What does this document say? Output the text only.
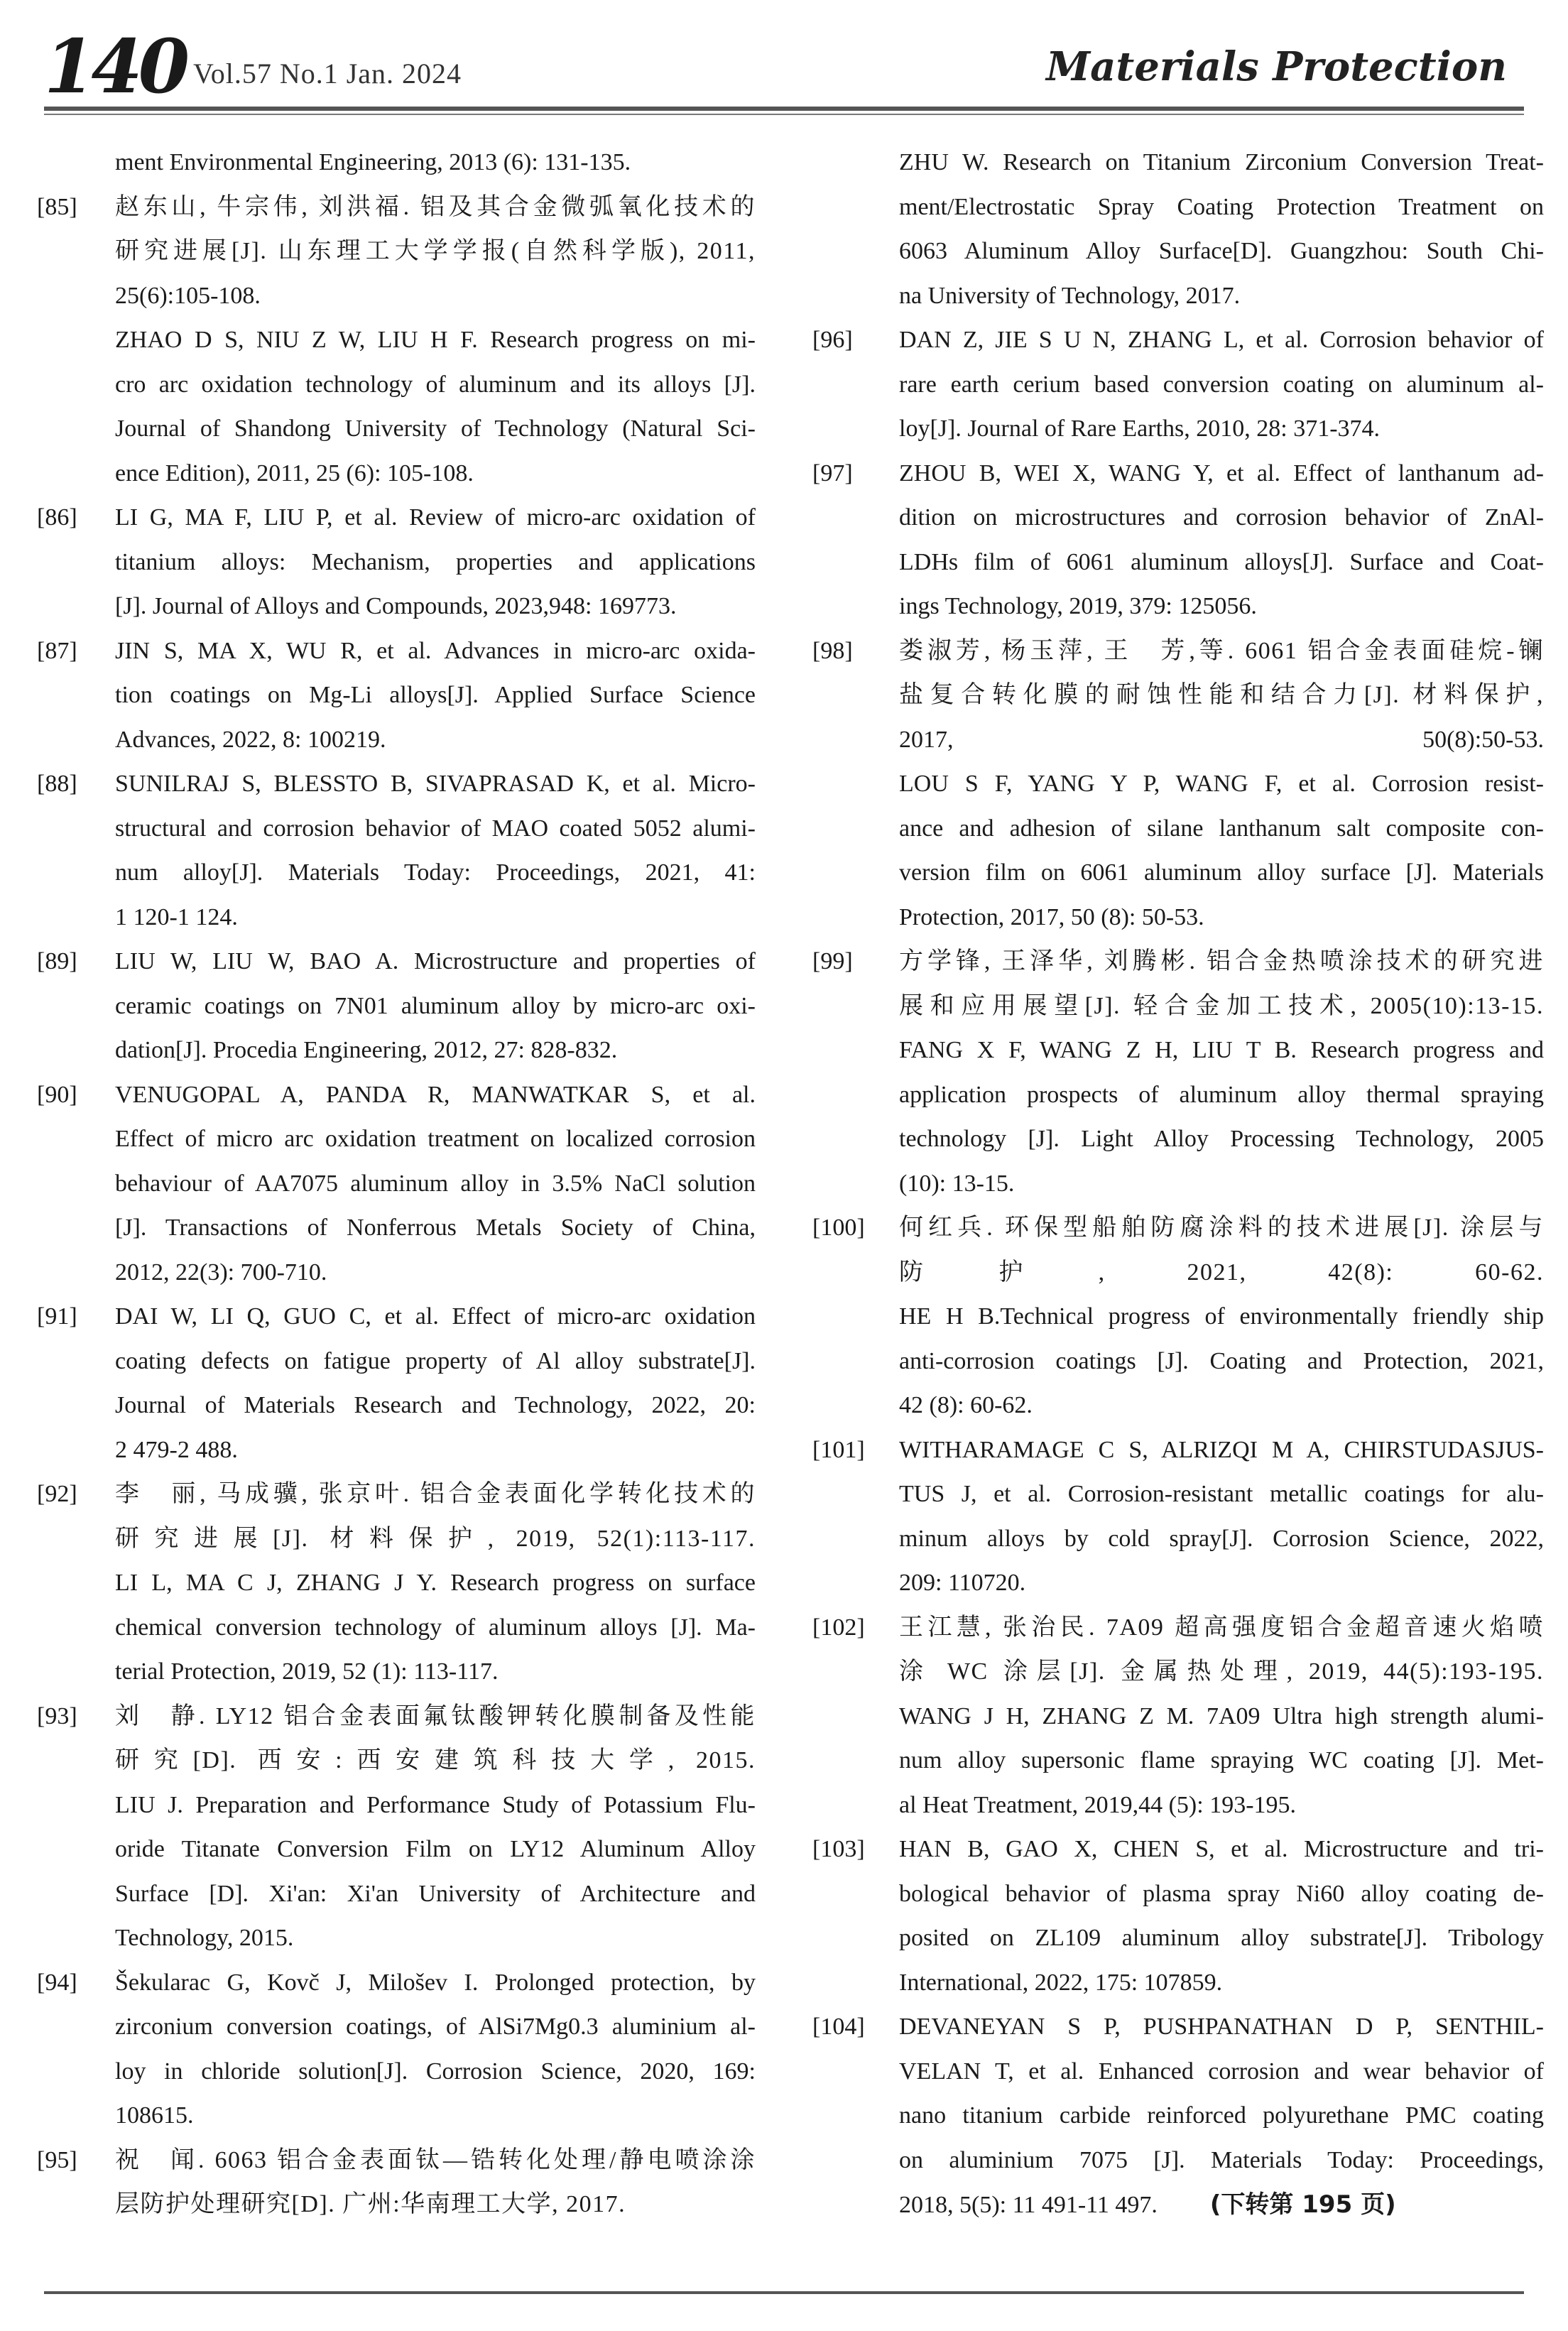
140 Vol.57 No.1 Jan. 2024	Materials Protection
ment Environmental Engineering, 2013 (6): 131-135.
[85] 赵东山, 牛宗伟, 刘洪福. 铝及其合金微弧氧化技术的
研究进展[J]. 山东理工大学学报(自然科学版), 2011,
25(6):105-108.
ZHAO D S, NIU Z W, LIU H F. Research progress on mi-
cro arc oxidation technology of aluminum and its alloys [J].
Journal of Shandong University of Technology (Natural Sci-
ence Edition), 2011, 25 (6): 105-108.
[86] LI G, MA F, LIU P, et al. Review of micro-arc oxidation of
titanium alloys: Mechanism, properties and applications
[J]. Journal of Alloys and Compounds, 2023,948: 169773.
[87] JIN S, MA X, WU R, et al. Advances in micro-arc oxida-
tion coatings on Mg-Li alloys[J]. Applied Surface Science
Advances, 2022, 8: 100219.
[88] SUNILRAJ S, BLESSTO B, SIVAPRASAD K, et al. Micro-
structural and corrosion behavior of MAO coated 5052 alumi-
num alloy[J]. Materials Today: Proceedings, 2021, 41:
1 120-1 124.
[89] LIU W, LIU W, BAO A. Microstructure and properties of
ceramic coatings on 7N01 aluminum alloy by micro-arc oxi-
dation[J]. Procedia Engineering, 2012, 27: 828-832.
[90] VENUGOPAL A, PANDA R, MANWATKAR S, et al.
Effect of micro arc oxidation treatment on localized corrosion
behaviour of AA7075 aluminum alloy in 3.5% NaCl solution
[J]. Transactions of Nonferrous Metals Society of China,
2012, 22(3): 700-710.
[91] DAI W, LI Q, GUO C, et al. Effect of micro-arc oxidation
coating defects on fatigue property of Al alloy substrate[J].
Journal of Materials Research and Technology, 2022, 20:
2 479-2 488.
[92] 李　丽, 马成骥, 张京叶. 铝合金表面化学转化技术的
研究进展[J]. 材料保护, 2019, 52(1):113-117.
LI L, MA C J, ZHANG J Y. Research progress on surface
chemical conversion technology of aluminum alloys [J]. Ma-
terial Protection, 2019, 52 (1): 113-117.
[93] 刘　静. LY12 铝合金表面氟钛酸钾转化膜制备及性能
研究[D]. 西安:西安建筑科技大学, 2015.
LIU J. Preparation and Performance Study of Potassium Flu-
oride Titanate Conversion Film on LY12 Aluminum Alloy
Surface [D]. Xi'an: Xi'an University of Architecture and
Technology, 2015.
[94] Šekularac G, Kovč J, Milošev I. Prolonged protection, by
zirconium conversion coatings, of AlSi7Mg0.3 aluminium al-
loy in chloride solution[J]. Corrosion Science, 2020, 169:
108615.
[95] 祝　闻. 6063 铝合金表面钛—锆转化处理/静电喷涂涂
层防护处理研究[D]. 广州:华南理工大学, 2017.
ZHU W. Research on Titanium Zirconium Conversion Treat-
ment/Electrostatic Spray Coating Protection Treatment on
6063 Aluminum Alloy Surface[D]. Guangzhou: South Chi-
na University of Technology, 2017.
[96] DAN Z, JIE S U N, ZHANG L, et al. Corrosion behavior of
rare earth cerium based conversion coating on aluminum al-
loy[J]. Journal of Rare Earths, 2010, 28: 371-374.
[97] ZHOU B, WEI X, WANG Y, et al. Effect of lanthanum ad-
dition on microstructures and corrosion behavior of ZnAl-
LDHs film of 6061 aluminum alloys[J]. Surface and Coat-
ings Technology, 2019, 379: 125056.
[98] 娄淑芳, 杨玉萍, 王　芳,等. 6061 铝合金表面硅烷-镧
盐复合转化膜的耐蚀性能和结合力[J]. 材料保护,
2017, 50(8):50-53.
LOU S F, YANG Y P, WANG F, et al. Corrosion resist-
ance and adhesion of silane lanthanum salt composite con-
version film on 6061 aluminum alloy surface [J]. Materials
Protection, 2017, 50 (8): 50-53.
[99] 方学锋, 王泽华, 刘腾彬. 铝合金热喷涂技术的研究进
展和应用展望[J]. 轻合金加工技术, 2005(10):13-15.
FANG X F, WANG Z H, LIU T B. Research progress and
application prospects of aluminum alloy thermal spraying
technology [J]. Light Alloy Processing Technology, 2005
(10): 13-15.
[100] 何红兵. 环保型船舶防腐涂料的技术进展[J]. 涂层与
防护, 2021, 42(8): 60-62.
HE H B.Technical progress of environmentally friendly ship
anti-corrosion coatings [J]. Coating and Protection, 2021,
42 (8): 60-62.
[101] WITHARAMAGE C S, ALRIZQI M A, CHIRSTUDASJUS-
TUS J, et al. Corrosion-resistant metallic coatings for alu-
minum alloys by cold spray[J]. Corrosion Science, 2022,
209: 110720.
[102] 王江慧, 张治民. 7A09 超高强度铝合金超音速火焰喷
涂 WC 涂层[J]. 金属热处理, 2019, 44(5):193-195.
WANG J H, ZHANG Z M. 7A09 Ultra high strength alumi-
num alloy supersonic flame spraying WC coating [J]. Met-
al Heat Treatment, 2019,44 (5): 193-195.
[103] HAN B, GAO X, CHEN S, et al. Microstructure and tri-
bological behavior of plasma spray Ni60 alloy coating de-
posited on ZL109 aluminum alloy substrate[J]. Tribology
International, 2022, 175: 107859.
[104] DEVANEYAN S P, PUSHPANATHAN D P, SENTHIL-
VELAN T, et al. Enhanced corrosion and wear behavior of
nano titanium carbide reinforced polyurethane PMC coating
on aluminium 7075 [J]. Materials Today: Proceedings,
2018, 5(5): 11 491-11 497. (下转第 195 页)
